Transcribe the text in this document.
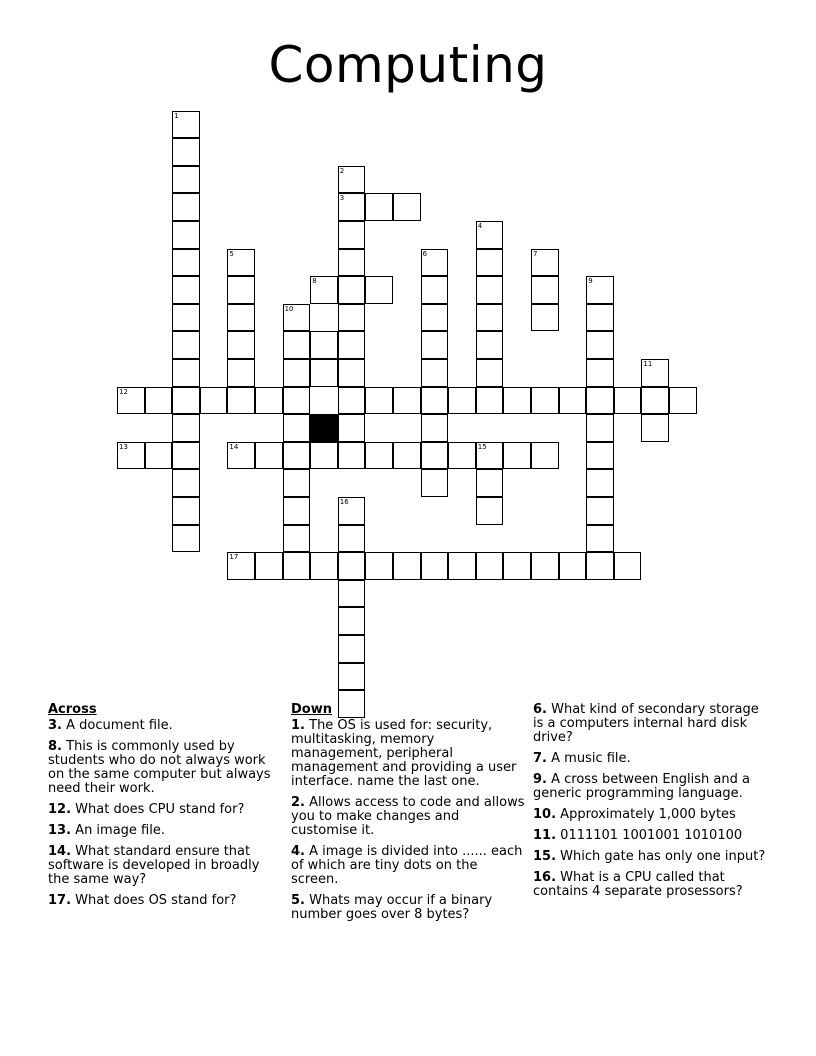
Computing
1
2
3
4
5	6	7
9
8
10
11
12
13	14	15
16
17
Across
3. A document file.
8. This is commonly used by students who do not always work on the same computer but always need their work.
12. What does CPU stand for?
13. An image file.
14. What standard ensure that software is developed in broadly the same way?
17. What does OS stand for?
Down
1. The OS is used for: security, multitasking, memory management, peripheral management and providing a user interface. name the last one.
2. Allows access to code and allows you to make changes and customise it.
4. A image is divided into ...... each of which are tiny dots on the screen.
5. Whats may occur if a binary number goes over 8 bytes?
6. What kind of secondary storage is a computers internal hard disk drive?
7. A music file.
9. A cross between English and a generic programming language.
10. Approximately 1,000 bytes
11. 0111101 1001001 1010100
15. Which gate has only one input?
16. What is a CPU called that contains 4 separate prosessors?
